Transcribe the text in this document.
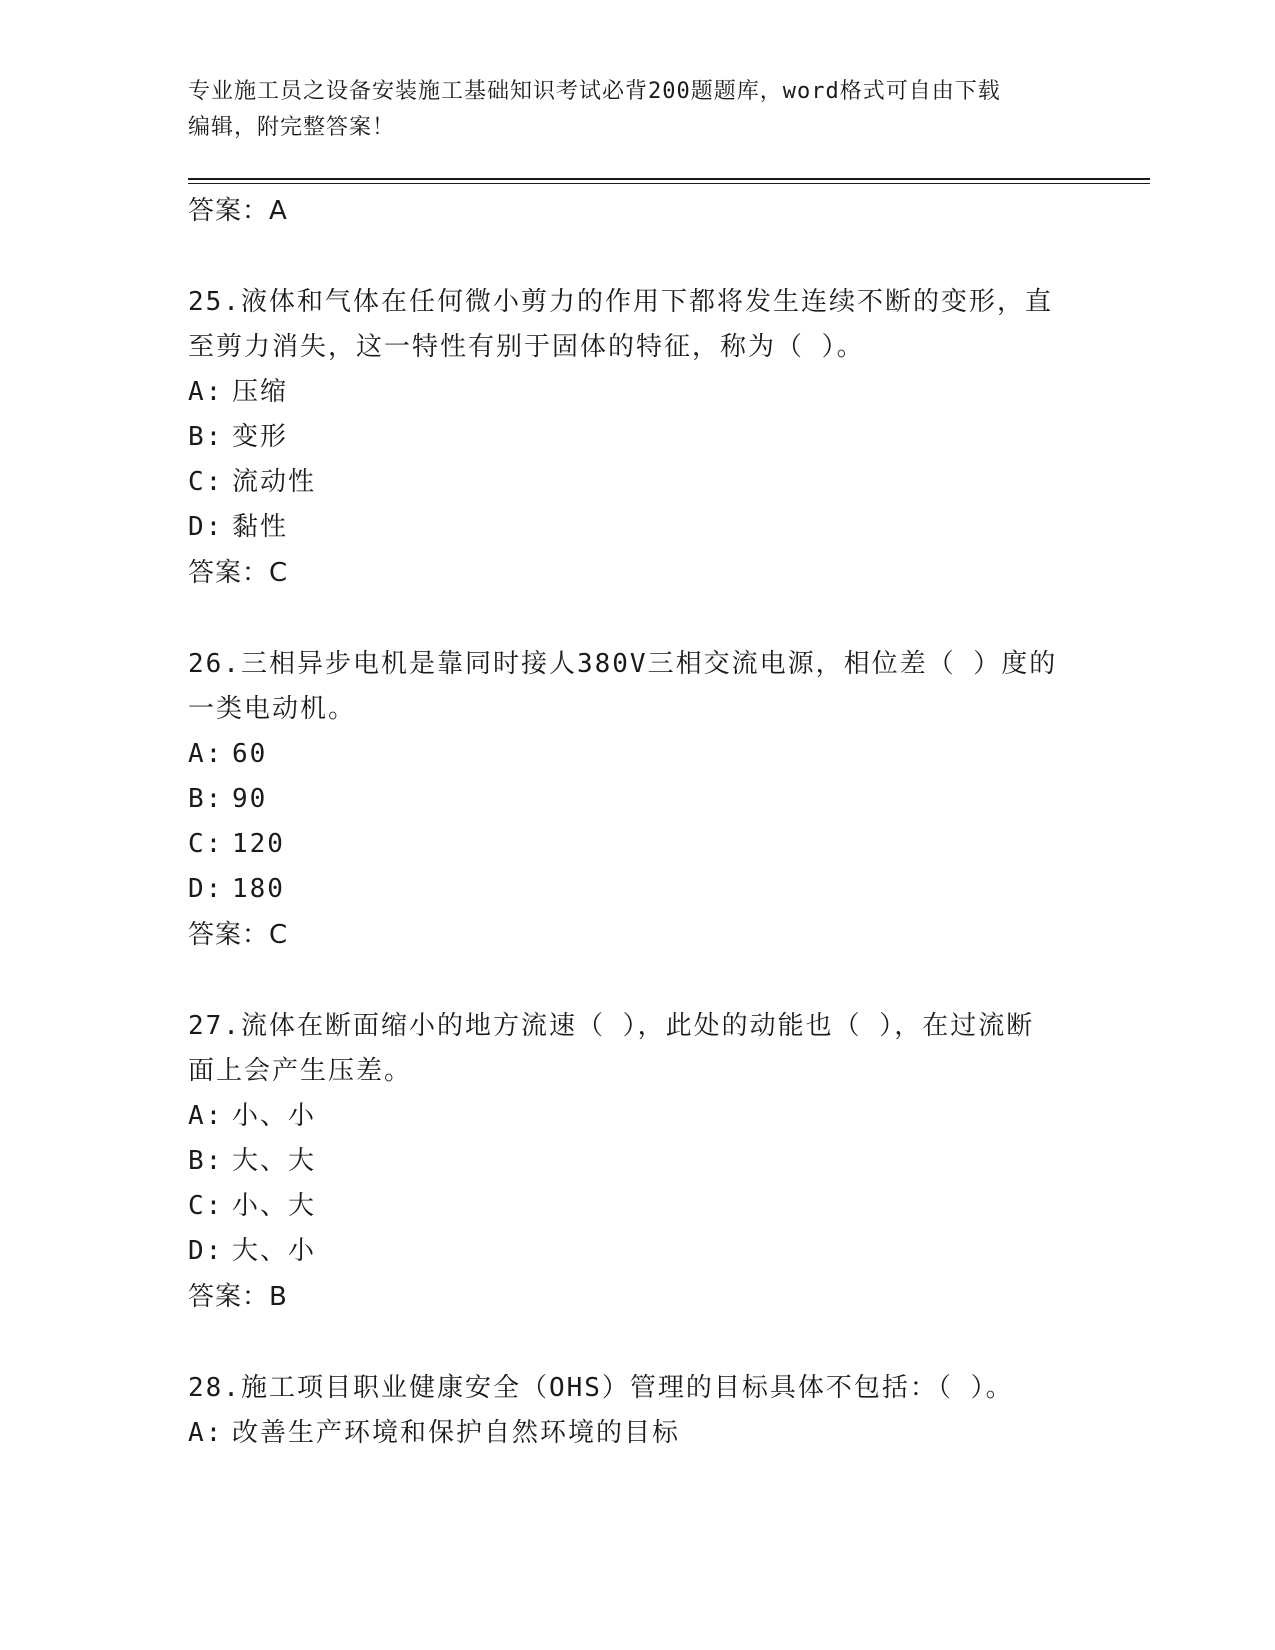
专业施工员之设备安装施工基础知识考试必背200题题库，word格式可自由下载
编辑，附完整答案！
答案：A
25.液体和气体在任何微小剪力的作用下都将发生连续不断的变形，直
至剪力消失，这一特性有别于固体的特征，称为（ ）。
A: 压缩
B: 变形
C: 流动性
D: 黏性
答案：C
26.三相异步电机是靠同时接人380V三相交流电源，相位差（ ）度的
一类电动机。
A: 60
B: 90
C: 120
D: 180
答案：C
27.流体在断面缩小的地方流速（ ），此处的动能也（ ），在过流断
面上会产生压差。
A: 小、小
B: 大、大
C: 小、大
D: 大、小
答案：B
28.施工项目职业健康安全（OHS）管理的目标具体不包括：（ ）。
A: 改善生产环境和保护自然环境的目标
